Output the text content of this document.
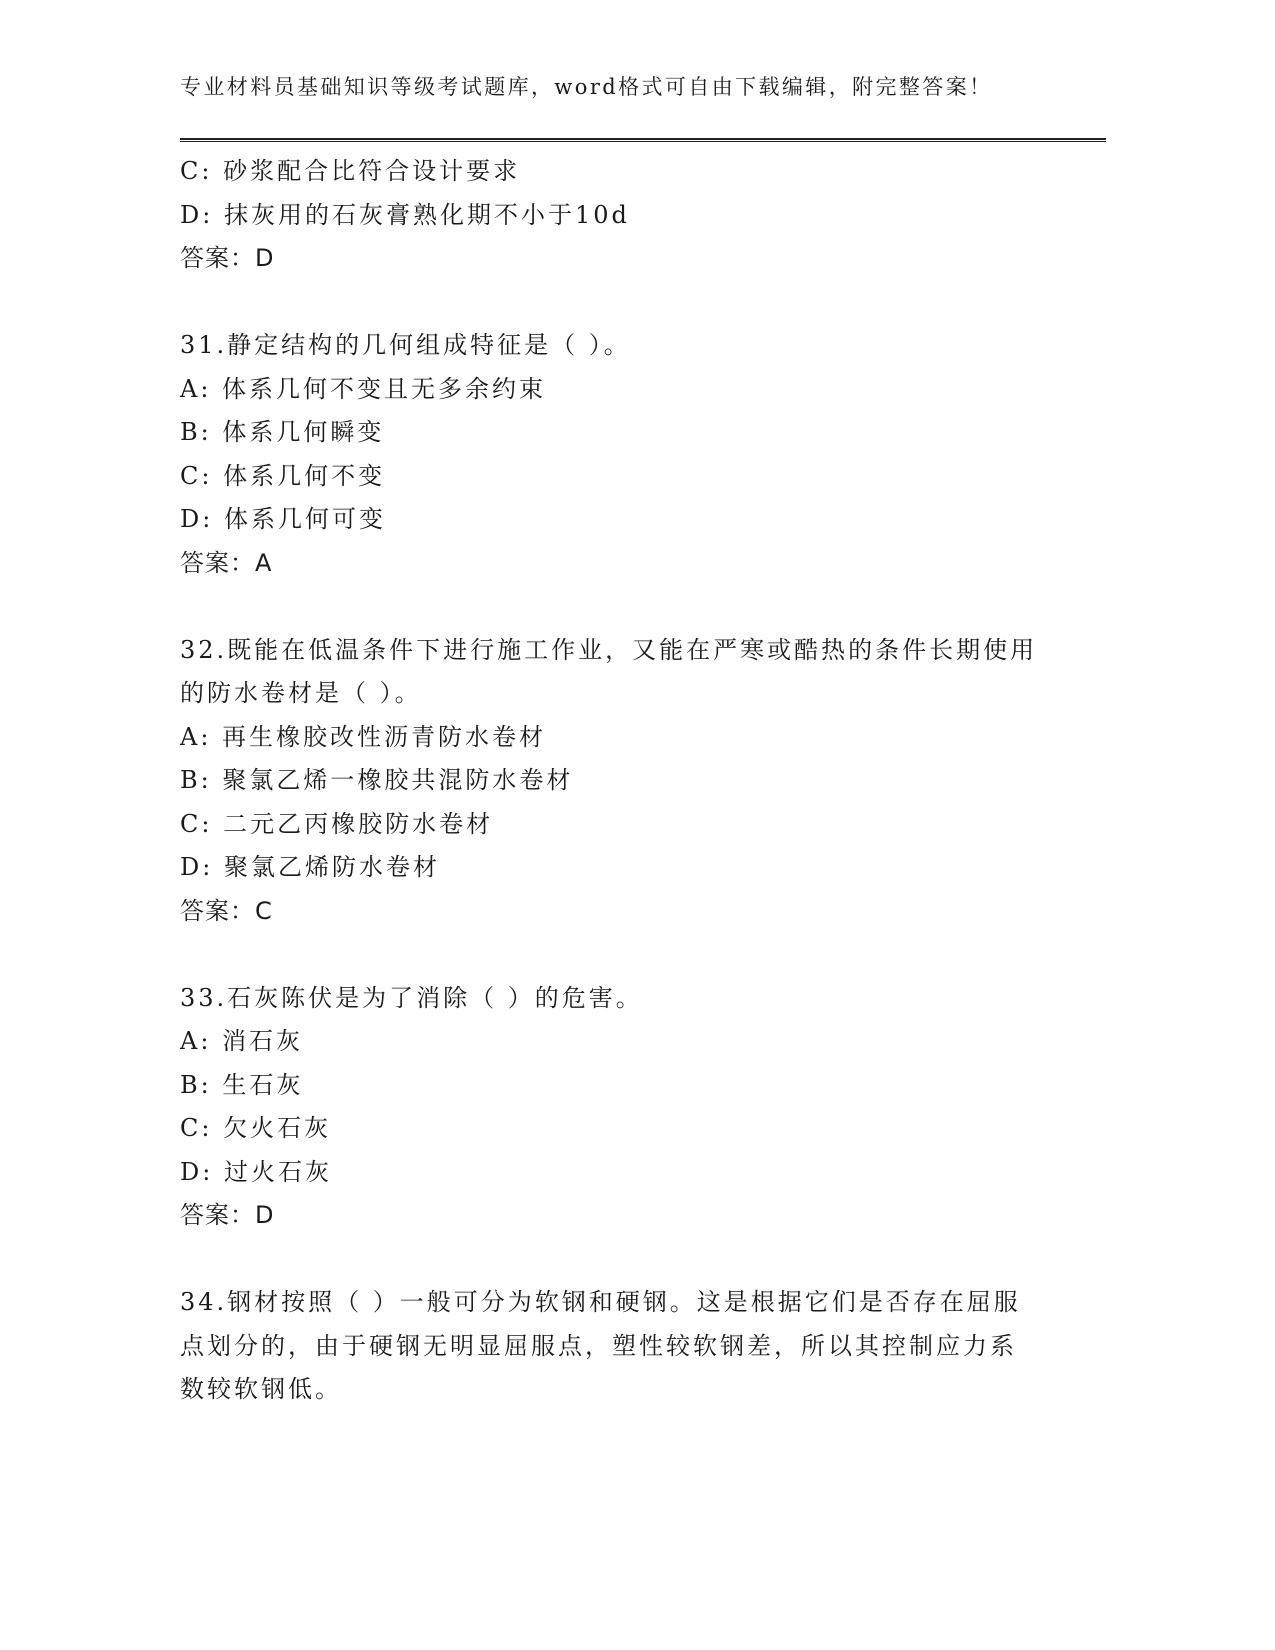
专业材料员基础知识等级考试题库，word格式可自由下载编辑，附完整答案！
C: 砂浆配合比符合设计要求
D: 抹灰用的石灰膏熟化期不小于10d
答案：D
31.静定结构的几何组成特征是（ ）。
A: 体系几何不变且无多余约束
B: 体系几何瞬变
C: 体系几何不变
D: 体系几何可变
答案：A
32.既能在低温条件下进行施工作业，又能在严寒或酷热的条件长期使用的防水卷材是（ ）。
A: 再生橡胶改性沥青防水卷材
B: 聚氯乙烯一橡胶共混防水卷材
C: 二元乙丙橡胶防水卷材
D: 聚氯乙烯防水卷材
答案：C
33.石灰陈伏是为了消除（ ）的危害。
A: 消石灰
B: 生石灰
C: 欠火石灰
D: 过火石灰
答案：D
34.钢材按照（ ）一般可分为软钢和硬钢。这是根据它们是否存在屈服点划分的，由于硬钢无明显屈服点，塑性较软钢差，所以其控制应力系数较软钢低。
